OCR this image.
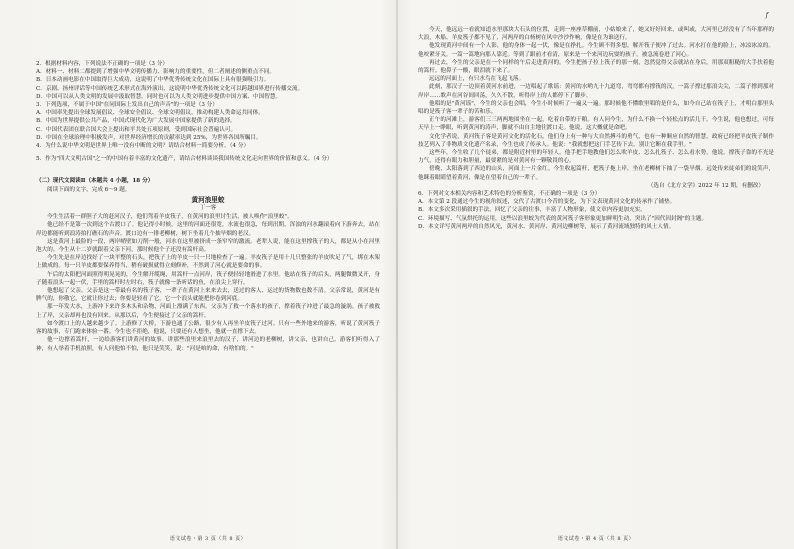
2．根据材料内容，下列说法不正确的一项是（3 分）

A．材料一、材料二都提到了增强中华文明传播力、影响力的重要性，但二者阐述的侧重点不同。

B．日本动画电影在中国取得巨大成功，这说明了中华优秀传统文化在国际上具有很强吸引力。

C．京剧、扬州评话等中国传统艺术形式在海外演出，这说明中华优秀传统文化可以跨越国界进行传播交流。

D．中国可以从人类文明的发展中汲取智慧，同时也可以为人类文明进步提供中国方案、中国智慧。

3．下列选项，不属于中国"在同国际上发出自己的声音"的一项是（3 分）

A．中国率先提出全球发展倡议、全球安全倡议、全球文明倡议，推动构建人类命运共同体。

B．中国为世界提供公共产品，中国式现代化为广大发展中国家提供了新的选择。

C．中国代表团在联合国大会上提出和平共处五项原则，受到国际社会普遍认可。

D．中国在全球治理中积极发声，对世界经济增长的贡献率达到 25%，为世界各国所瞩目。

4．为什么说中华文明是世界上唯一没有中断的文明？请结合材料一简要分析。（4 分）

5．作为"四大文明古国"之一的中国有着丰富的文化遗产，请结合材料谈谈我国传统文化走向世界的价值和意义。（4 分）

（二）现代文阅读Ⅱ（本题共 4 小题，18 分）

阅读下面的文字，完成 6～9 题。

黄河浪里蛟

丁一客

今生生活着一群胆子大的赶河汉子，他们驾着羊皮筏子，在黄河的浪里讨生活，被人唤作"浪里蛟"。

他已经不是第一次到这个古渡口了。他记得小时候，这里的河面还很宽，水流也很急，每到汛期，浑浊的河水翻滚着向下游奔去，站在岸边都能听到浪涛拍打礁石的声音。渡口边有一排老柳树，树下坐着几个抽旱烟的老汉。

这是黄河上最险的一段，两岸峭壁如刀削一般，河水在这里被挤成一条窄窄的激流。老辈人说，能在这里撑筏子的人，都是从小在河里泡大的。今生从十二岁就跟着父亲下河，那时候他个子还没有篙杆高。

今生先是在岸边找好了一块平整的石头，把筏子上的羊皮一只一只地检查了一遍。羊皮筏子是用十几只整张的羊皮吹足了气，绑在木架上做成的。每一只羊皮都要保养得当，稍有破损就得立刻修补，不然到了河心就是要命的事。

午后的太阳把河面照得明晃晃的，今生解开缆绳，用篙杆一点河岸，筏子便轻轻地滑进了水里。他站在筏子的后头，两腿微微叉开，身子随着浪头一起一伏，手里的篙杆时左时右，筏子就像一条听话的鱼，在浪尖上穿行。

他想起了父亲。父亲是这一带最有名的筏子客，一辈子在黄河上来来去去，送过的客人、运过的货物数也数不清。父亲常说，黄河是有脾气的，你敬它，它就让你过去；你要是轻看了它，它一个浪头就能把你卷到河底。

那一年发大水，上游冲下来许多木头和杂物，河面上漂满了东西。父亲为了救一个落水的孩子，撑着筏子冲进了最急的漩涡。孩子被救上了岸，父亲却再也没有回来。从那以后，今生便接过了父亲的篙杆。

如今渡口上的人越来越少了。上游修了大桥，下游也通了公路，很少有人再坐羊皮筏子过河。只有一些外地来的游客，听说了黄河筏子客的故事，专门跑来体验一番。今生也不拒绝，他说，只要还有人想坐，他就一直撑下去。

他一边撑着篙杆，一边给游客们讲黄河的故事。讲那些浪里来浪里去的汉子，讲河边的老柳树，讲父亲，也讲自己。游客们听得入了神，有人举着手机拍照，有人问他怕不怕，他只是笑笑，说："河是咱的命，有啥怕的。"

语文试卷・第 3 页（共 8 页）
f

今天，他远远一看就知道水里那块大石头的位置，走到一座座草棚前，小姑娘来了，她又好好回来，或叫或，大河里已经没有了当年那样的大浪，木船、羊皮筏子都不见了，河两岸的白杨树在风中沙沙作响，像是在为谁送行。

他发现黄河中间有一个人影，他的身体一起一伏，像是在挣扎。今生顾不得多想，解开筏子便冲了过去。河水打在他的脸上，冰凉冰凉的。他咬紧牙关，一篙一篙地向那人靠近。等到了跟前才看清，原来是一个来河边玩耍的孩子，被急流卷进了河心。

再过去，今生的父亲是在一个同样的午后走进黄河的。今生把孩子拉上筏子的那一刻，忽然觉得父亲就站在身后，用那双粗糙的大手扶着他的篙杆。他鼻子一酸，眼泪就下来了。

远远的河面上，有只水鸟在飞起飞落。

此刻，那汉子一边顶着黄河水前进，一边唱起了歌谣：黄河的水哟九十九道弯，弯弯都有撑筏的汉，一篙子撑过那浪尖尖，二篙子撑到那对岸岸……歌声在河谷间回荡，久久不散，听得岸上的人都停下了脚步。

他唱的是"黄河谣"，今生的父亲也会唱，今生小时候听了一遍又一遍。那时候他不懂歌里唱的是什么，如今自己站在筏子上，才明白那里头唱的是筏子客一辈子的苦和乐。

正午的河滩上，游客们三三两两地围坐在一起，吃着自带的干粮。有人问今生，为什么不换一个轻松点的活儿干。今生说，他也想过，可每天早上一睁眼，听到黄河的涛声，脚就不由自主地往渡口走。他说，这大概就是命吧。

文化学者说，黄河筏子客是黄河文化的活化石，他们身上有一种与大自然搏斗的勇气，也有一种顺应自然的智慧。政府已经把羊皮筏子制作技艺列入了非物质文化遗产名录，今生也成了传承人。他说："我就想把这门手艺传下去，别让它断在我手里。"

这些年，今生收了几个徒弟，都是附近村里的年轻人。他手把手地教他们怎么吹羊皮、怎么扎筏子、怎么看水势。他说，撑筏子靠的不光是力气，还得有眼力和胆量，最要紧的是对黄河有一颗敬畏的心。

傍晚，太阳落到了西边的山头，河面上一片金红。今生收起篙杆，把筏子拖上岸，坐在老柳树下抽了一袋旱烟。远处传来徒弟们的说笑声，他眯着眼睛望着黄河，像是在望着自己的一辈子。

（选自《北方文学》2022 年 12 期，有删改）

6．下列对文本相关内容和艺术特色的分析鉴赏，不正确的一项是（3 分）

A．本文第 2 段通过今生的视角叙述，交代了古渡口今昔的变化，为下文表现黄河文化的传承作了铺垫。

B．本文多次采用插叙的手法，回忆了父亲的往事，丰富了人物形象，使文章内容更加充实。

C．环境描写、气氛烘托的运用，这些以浪里蛟为代表的黄河筏子客形象更加鲜明生动，突出了"因代因封阁"的主题。

D．本文详写黄河两岸的自然风光，黄河水、黄河岸、黄河边柳树等，展示了黄河流域独特的风土人情。

语文试卷・第 4 页（共 8 页）
